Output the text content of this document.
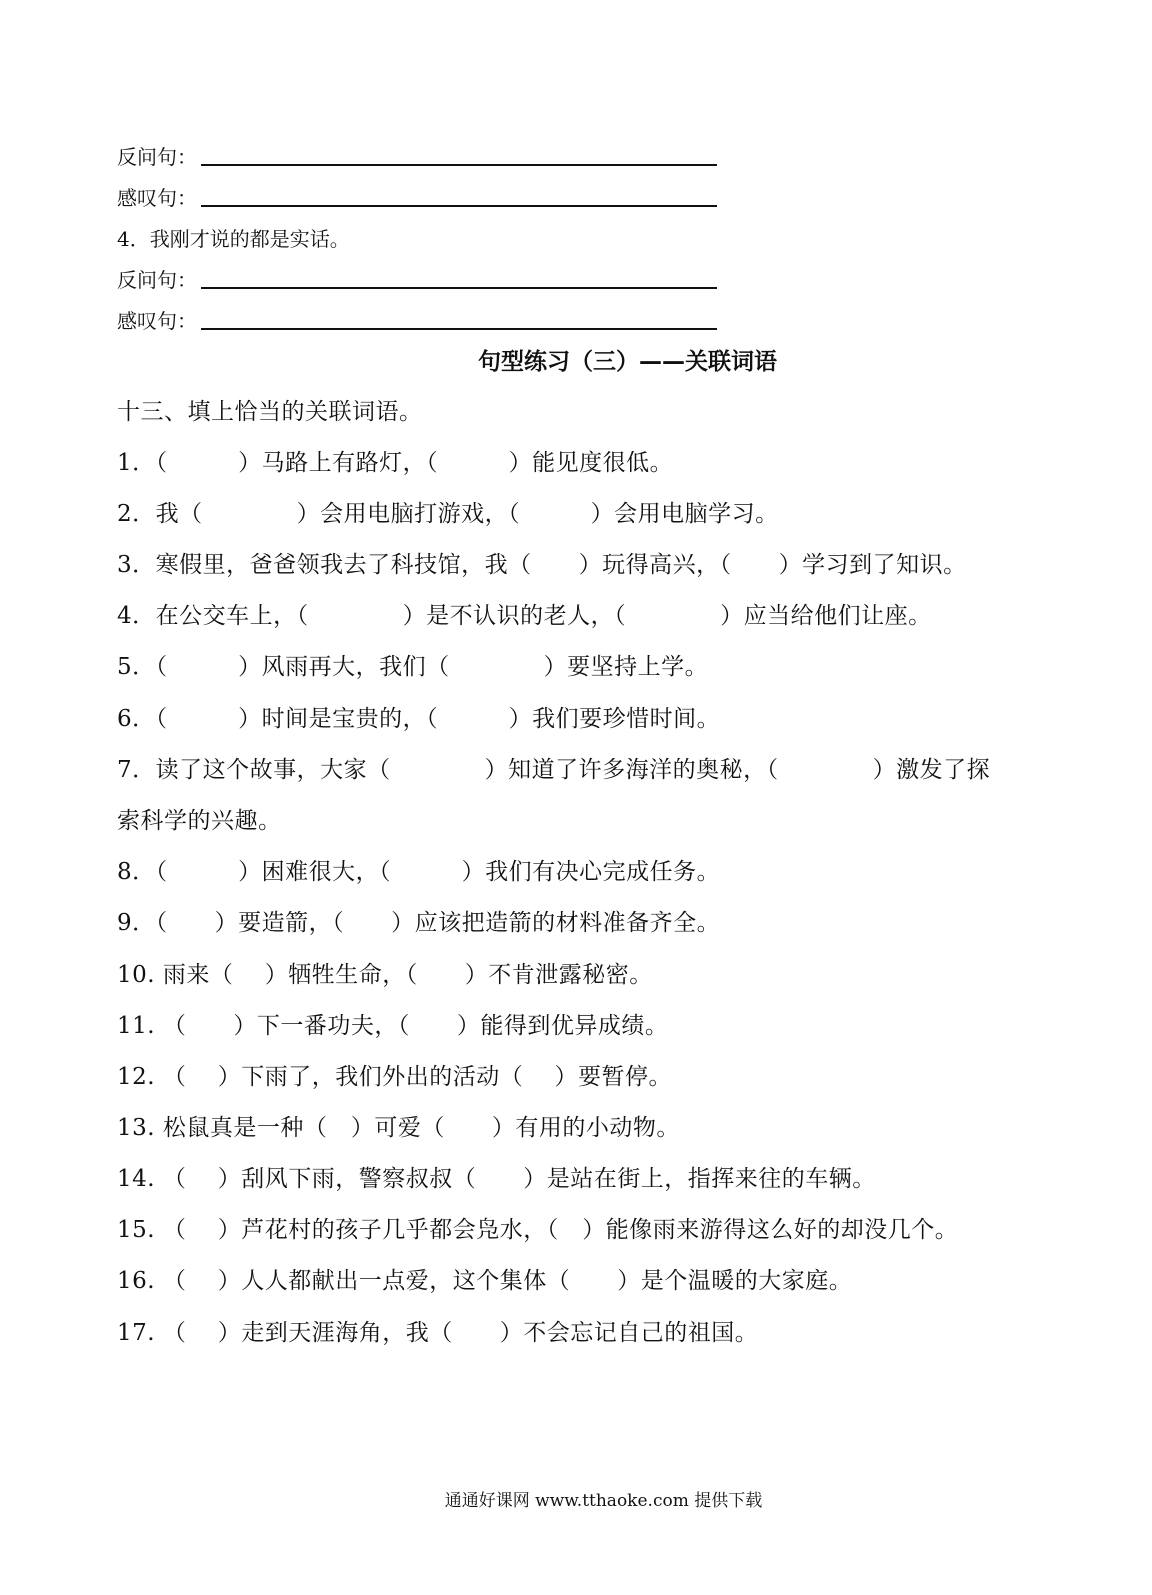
反问句：
感叹句：
4．我刚才说的都是实话。
反问句：
感叹句：
句型练习（三）——关联词语
十三、填上恰当的关联词语。
1．（　　　）马路上有路灯，（　　　）能见度很低。
2．我（　　　　）会用电脑打游戏，（　　　）会用电脑学习。
3．寒假里，爸爸领我去了科技馆，我（　　）玩得高兴，（　　）学习到了知识。
4．在公交车上，（　　　　）是不认识的老人，（　　　　）应当给他们让座。
5．（　　　）风雨再大，我们（　　　　）要坚持上学。
6．（　　　）时间是宝贵的，（　　　）我们要珍惜时间。
7．读了这个故事，大家（　　　　）知道了许多海洋的奥秘，（　　　　）激发了探
索科学的兴趣。
8．（　　　）困难很大，（　　　）我们有决心完成任务。
9．（　　）要造箭，（　　）应该把造箭的材料准备齐全。
10. 雨来（　 ）牺牲生命，（　　）不肯泄露秘密。
11. （　　）下一番功夫，（　　）能得到优异成绩。
12. （　 ）下雨了，我们外出的活动（　 ）要暂停。
13. 松鼠真是一种（　）可爱（　　）有用的小动物。
14. （　 ）刮风下雨，警察叔叔（　　）是站在街上，指挥来往的车辆。
15. （　 ）芦花村的孩子几乎都会凫水，（　）能像雨来游得这么好的却没几个。
16. （　 ）人人都献出一点爱，这个集体（　　）是个温暖的大家庭。
17. （　 ）走到天涯海角，我（　　）不会忘记自己的祖国。
通通好课网 www.tthaoke.com 提供下载
